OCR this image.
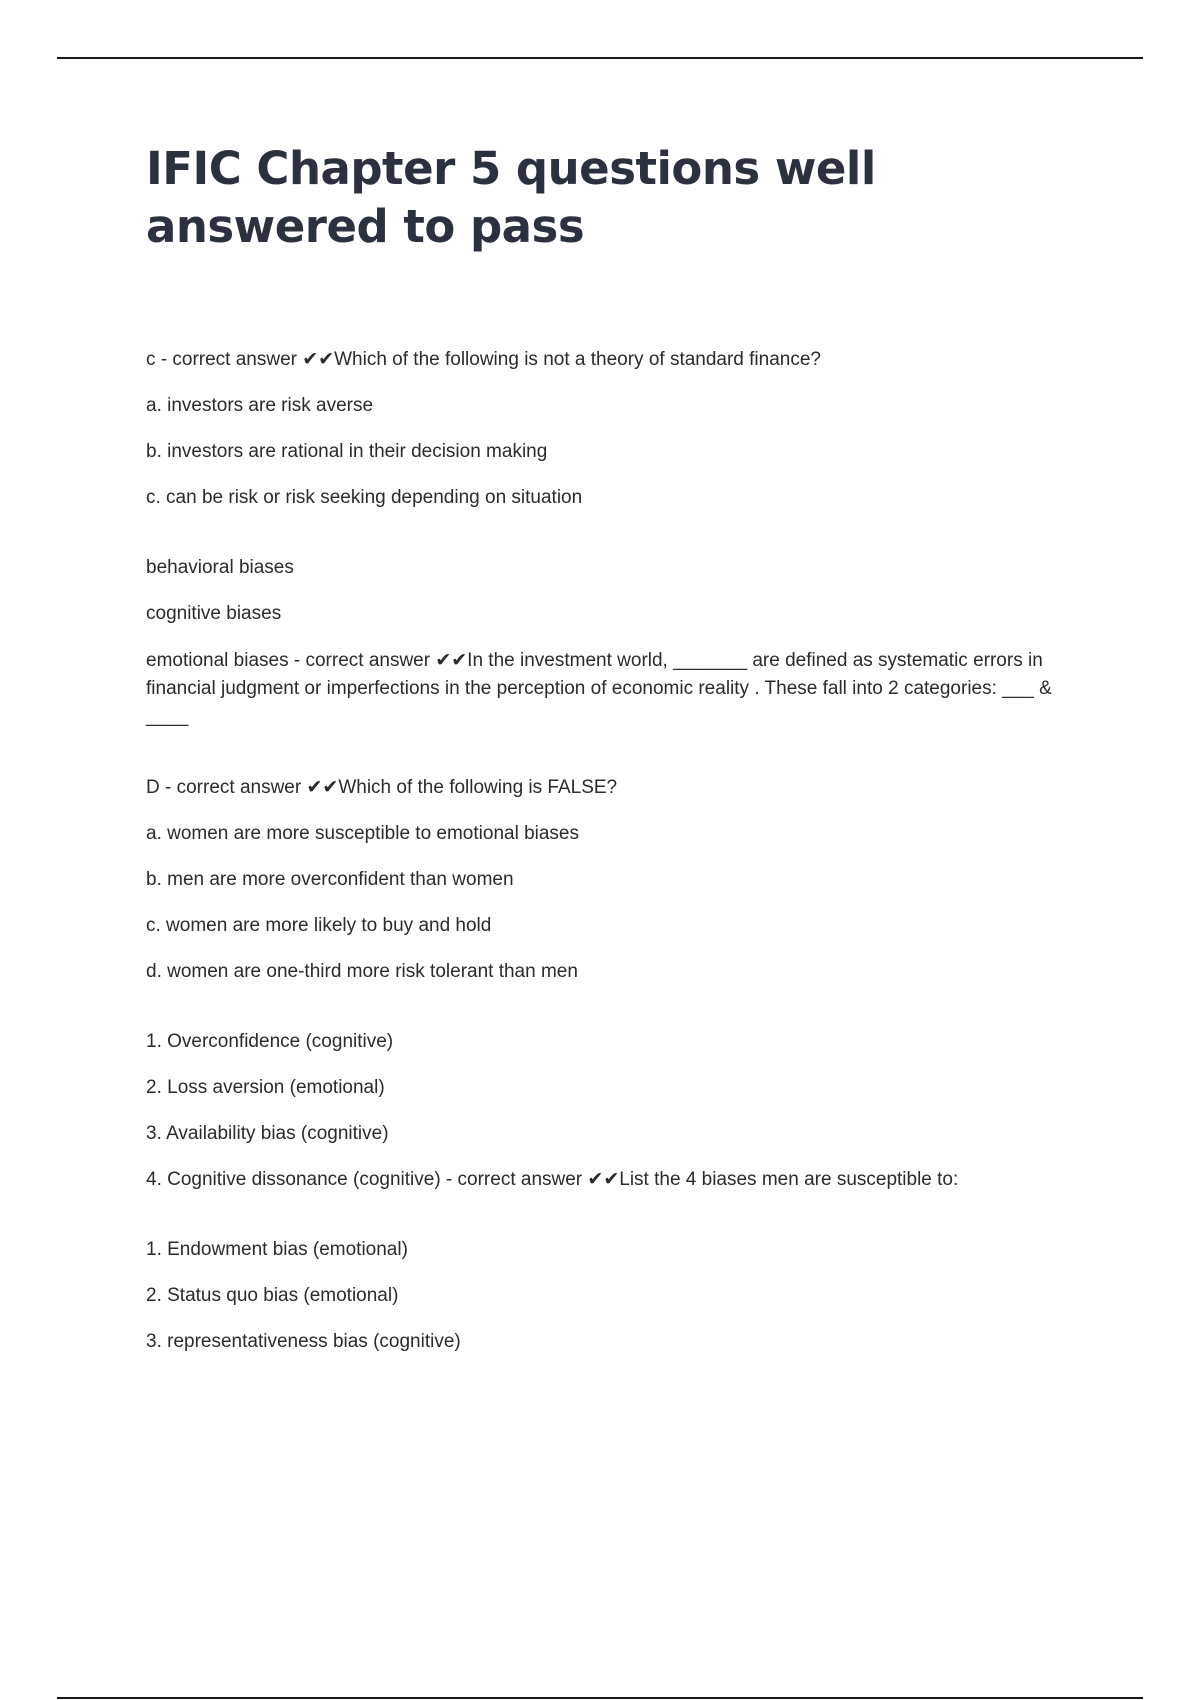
IFIC Chapter 5 questions well answered to pass

c - correct answer ✔✔Which of the following is not a theory of standard finance?

a. investors are risk averse

b. investors are rational in their decision making

c. can be risk or risk seeking depending on situation

behavioral biases

cognitive biases

emotional biases - correct answer ✔✔In the investment world, _______ are defined as systematic errors in financial judgment or imperfections in the perception of economic reality . These fall into 2 categories: ___ & ____

D - correct answer ✔✔Which of the following is FALSE?

a. women are more susceptible to emotional biases

b. men are more overconfident than women

c. women are more likely to buy and hold

d. women are one-third more risk tolerant than men

1. Overconfidence (cognitive)

2. Loss aversion (emotional)

3. Availability bias (cognitive)

4. Cognitive dissonance (cognitive) - correct answer ✔✔List the 4 biases men are susceptible to:

1. Endowment bias (emotional)

2. Status quo bias (emotional)

3. representativeness bias (cognitive)
